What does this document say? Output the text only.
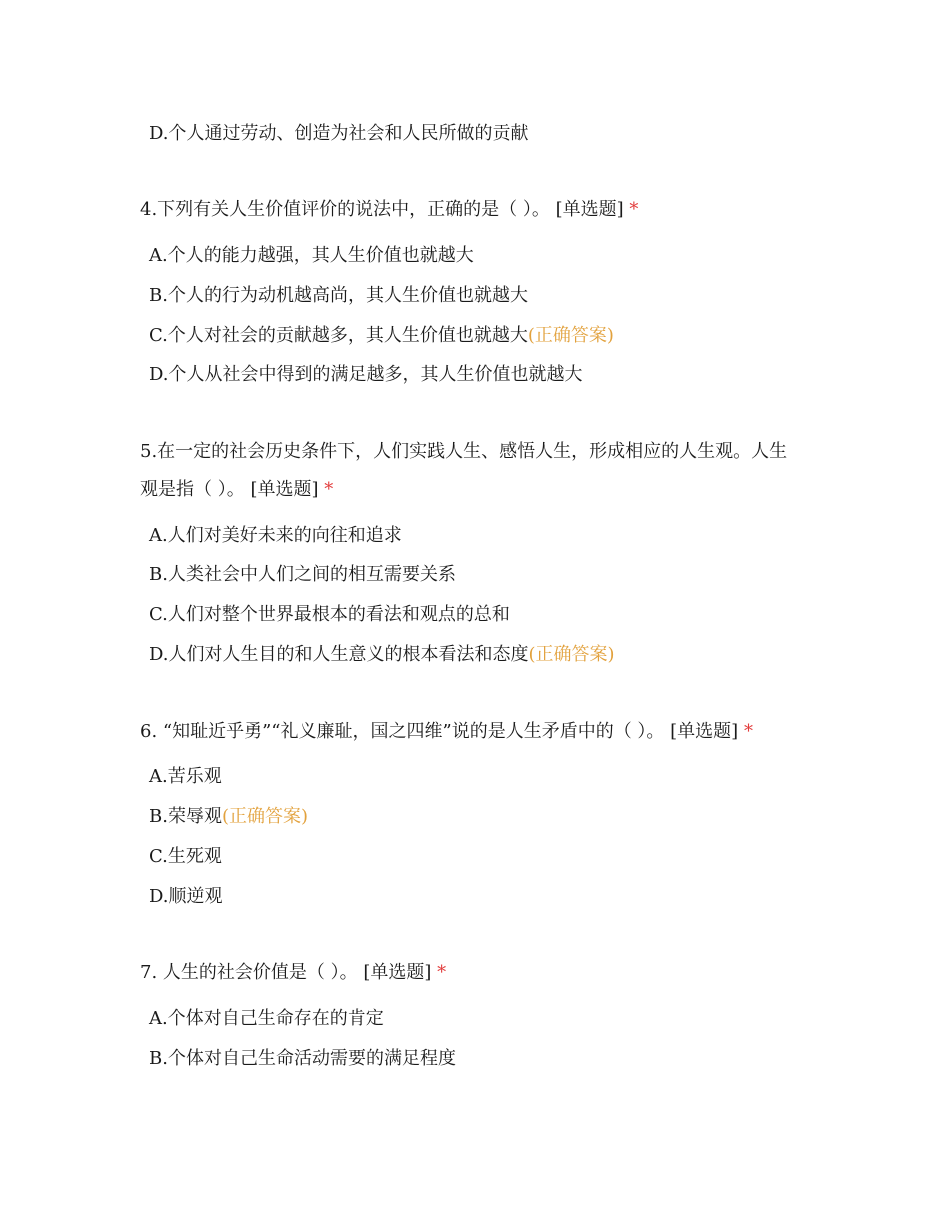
D.个人通过劳动、创造为社会和人民所做的贡献
4.下列有关人生价值评价的说法中，正确的是（ ）。 [单选题] *
A.个人的能力越强，其人生价值也就越大
B.个人的行为动机越高尚，其人生价值也就越大
C.个人对社会的贡献越多，其人生价值也就越大(正确答案)
D.个人从社会中得到的满足越多，其人生价值也就越大
5.在一定的社会历史条件下，人们实践人生、感悟人生，形成相应的人生观。人生
观是指（ ）。 [单选题] *
A.人们对美好未来的向往和追求
B.人类社会中人们之间的相互需要关系
C.人们对整个世界最根本的看法和观点的总和
D.人们对人生目的和人生意义的根本看法和态度(正确答案)
6. “知耻近乎勇”“礼义廉耻，国之四维”说的是人生矛盾中的（ ）。 [单选题] *
A.苦乐观
B.荣辱观(正确答案)
C.生死观
D.顺逆观
7. 人生的社会价值是（ ）。 [单选题] *
A.个体对自己生命存在的肯定
B.个体对自己生命活动需要的满足程度
